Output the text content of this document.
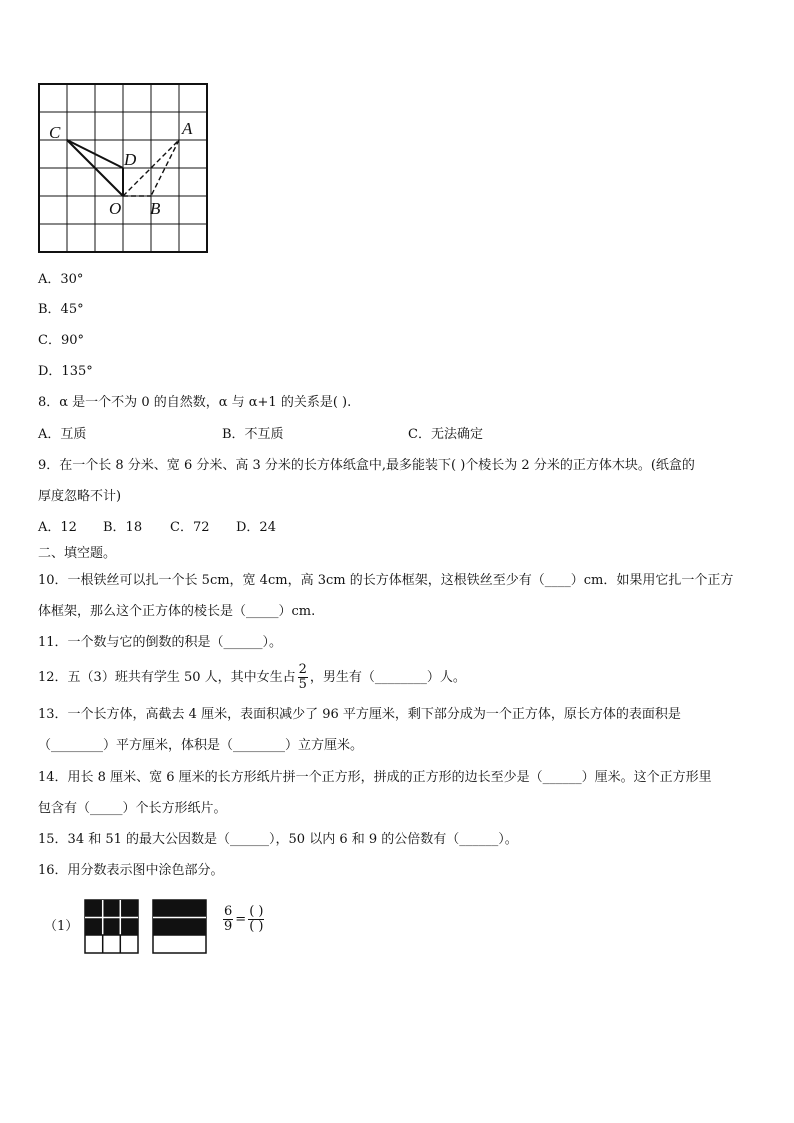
C	A
D
O B
A．30°
B．45°
C．90°
D．135°
8．α 是一个不为 0 的自然数，α 与 α+1 的关系是( ).
A．互质	B．不互质	C．无法确定
9．在一个长 8 分米、宽 6 分米、高 3 分米的长方体纸盒中,最多能装下( )个棱长为 2 分米的正方体木块。(纸盒的
厚度忽略不计)
A．12 B．18 C．72 D．24
二、填空题。
10．一根铁丝可以扎一个长 5cm，宽 4cm，高 3cm 的长方体框架，这根铁丝至少有（____）cm．如果用它扎一个正方
体框架，那么这个正方体的棱长是（_____）cm.
11．一个数与它的倒数的积是（______）。
12．五（3）班共有学生 50 人，其中女生占 $\frac{2}{5}$ ，男生有（________）人。
13．一个长方体，高截去 4 厘米，表面积减少了 96 平方厘米，剩下部分成为一个正方体，原长方体的表面积是
（________）平方厘米，体积是（________）立方厘米。
14．用长 8 厘米、宽 6 厘米的长方形纸片拼一个正方形，拼成的正方形的边长至少是（______）厘米。这个正方形里
包含有（_____）个长方形纸片。
15．34 和 51 的最大公因数是（______），50 以内 6 和 9 的公倍数有（______）。
16．用分数表示图中涂色部分。
（1）	$\frac{6}{9} = \frac{( )}{( )}$
